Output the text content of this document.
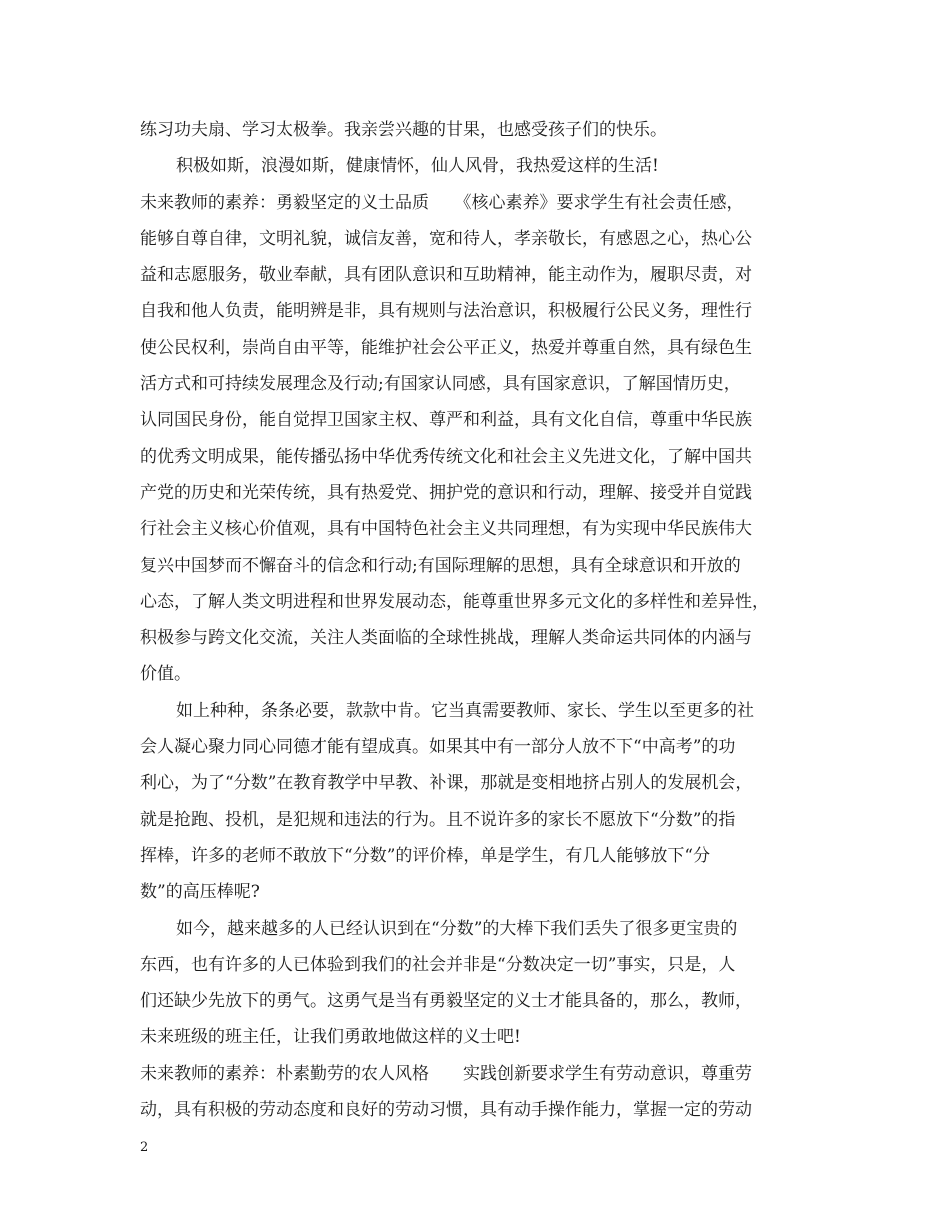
练习功夫扇、学习太极拳。我亲尝兴趣的甘果，也感受孩子们的快乐。
积极如斯，浪漫如斯，健康情怀，仙人风骨，我热爱这样的生活!
未来教师的素养：勇毅坚定的义士品质　　《核心素养》要求学生有社会责任感，
能够自尊自律，文明礼貌，诚信友善，宽和待人，孝亲敬长，有感恩之心，热心公
益和志愿服务，敬业奉献，具有团队意识和互助精神，能主动作为，履职尽责，对
自我和他人负责，能明辨是非，具有规则与法治意识，积极履行公民义务，理性行
使公民权利，崇尚自由平等，能维护社会公平正义，热爱并尊重自然，具有绿色生
活方式和可持续发展理念及行动;有国家认同感，具有国家意识，了解国情历史，
认同国民身份，能自觉捍卫国家主权、尊严和利益，具有文化自信，尊重中华民族
的优秀文明成果，能传播弘扬中华优秀传统文化和社会主义先进文化，了解中国共
产党的历史和光荣传统，具有热爱党、拥护党的意识和行动，理解、接受并自觉践
行社会主义核心价值观，具有中国特色社会主义共同理想，有为实现中华民族伟大
复兴中国梦而不懈奋斗的信念和行动;有国际理解的思想，具有全球意识和开放的
心态，了解人类文明进程和世界发展动态，能尊重世界多元文化的多样性和差异性，
积极参与跨文化交流，关注人类面临的全球性挑战，理解人类命运共同体的内涵与
价值。
如上种种，条条必要，款款中肯。它当真需要教师、家长、学生以至更多的社
会人凝心聚力同心同德才能有望成真。如果其中有一部分人放不下“中高考”的功
利心，为了“分数”在教育教学中早教、补课，那就是变相地挤占别人的发展机会，
就是抢跑、投机，是犯规和违法的行为。且不说许多的家长不愿放下“分数”的指
挥棒，许多的老师不敢放下“分数”的评价棒，单是学生，有几人能够放下“分
数”的高压棒呢?
如今，越来越多的人已经认识到在“分数”的大棒下我们丢失了很多更宝贵的
东西，也有许多的人已体验到我们的社会并非是“分数决定一切”事实，只是，人
们还缺少先放下的勇气。这勇气是当有勇毅坚定的义士才能具备的，那么，教师，
未来班级的班主任，让我们勇敢地做这样的义士吧!
未来教师的素养：朴素勤劳的农人风格　　实践创新要求学生有劳动意识，尊重劳
动，具有积极的劳动态度和良好的劳动习惯，具有动手操作能力，掌握一定的劳动
2
